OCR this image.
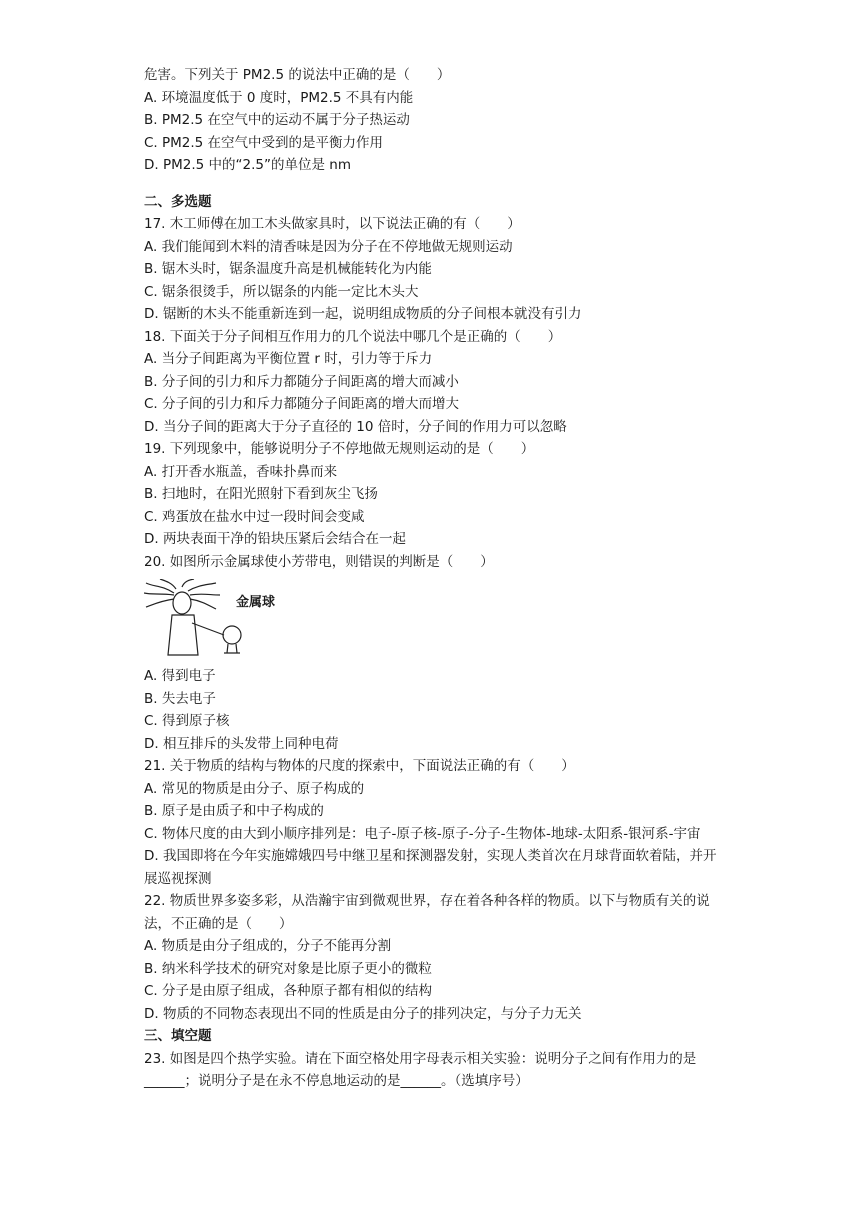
危害。下列关于 PM2.5 的说法中正确的是（　　）
A. 环境温度低于 0 度时，PM2.5 不具有内能
B. PM2.5 在空气中的运动不属于分子热运动
C. PM2.5 在空气中受到的是平衡力作用
D. PM2.5 中的“2.5”的单位是 nm
二、多选题
17. 木工师傅在加工木头做家具时，以下说法正确的有（　　）
A. 我们能闻到木料的清香味是因为分子在不停地做无规则运动
B. 锯木头时，锯条温度升高是机械能转化为内能
C. 锯条很烫手，所以锯条的内能一定比木头大
D. 锯断的木头不能重新连到一起，说明组成物质的分子间根本就没有引力
18. 下面关于分子间相互作用力的几个说法中哪几个是正确的（　　）
A. 当分子间距离为平衡位置 r 时，引力等于斥力
B. 分子间的引力和斥力都随分子间距离的增大而减小
C. 分子间的引力和斥力都随分子间距离的增大而增大
D. 当分子间的距离大于分子直径的 10 倍时，分子间的作用力可以忽略
19. 下列现象中，能够说明分子不停地做无规则运动的是（　　）
A. 打开香水瓶盖，香味扑鼻而来
B. 扫地时，在阳光照射下看到灰尘飞扬
C. 鸡蛋放在盐水中过一段时间会变咸
D. 两块表面干净的铅块压紧后会结合在一起
20. 如图所示金属球使小芳带电，则错误的判断是（　　）
金属球
A. 得到电子
B. 失去电子
C. 得到原子核
D. 相互排斥的头发带上同种电荷
21. 关于物质的结构与物体的尺度的探索中，下面说法正确的有（　　）
A. 常见的物质是由分子、原子构成的
B. 原子是由质子和中子构成的
C. 物体尺度的由大到小顺序排列是：电子-原子核-原子-分子-生物体-地球-太阳系-银河系-宇宙
D. 我国即将在今年实施嫦娥四号中继卫星和探测器发射，实现人类首次在月球背面软着陆，并开展巡视探测
22. 物质世界多姿多彩，从浩瀚宇宙到微观世界，存在着各种各样的物质。以下与物质有关的说法，不正确的是（　　）
A. 物质是由分子组成的，分子不能再分割
B. 纳米科学技术的研究对象是比原子更小的微粒
C. 分子是由原子组成，各种原子都有相似的结构
D. 物质的不同物态表现出不同的性质是由分子的排列决定，与分子力无关
三、填空题
23. 如图是四个热学实验。请在下面空格处用字母表示相关实验：说明分子之间有作用力的是______；说明分子是在永不停息地运动的是______。（选填序号）
